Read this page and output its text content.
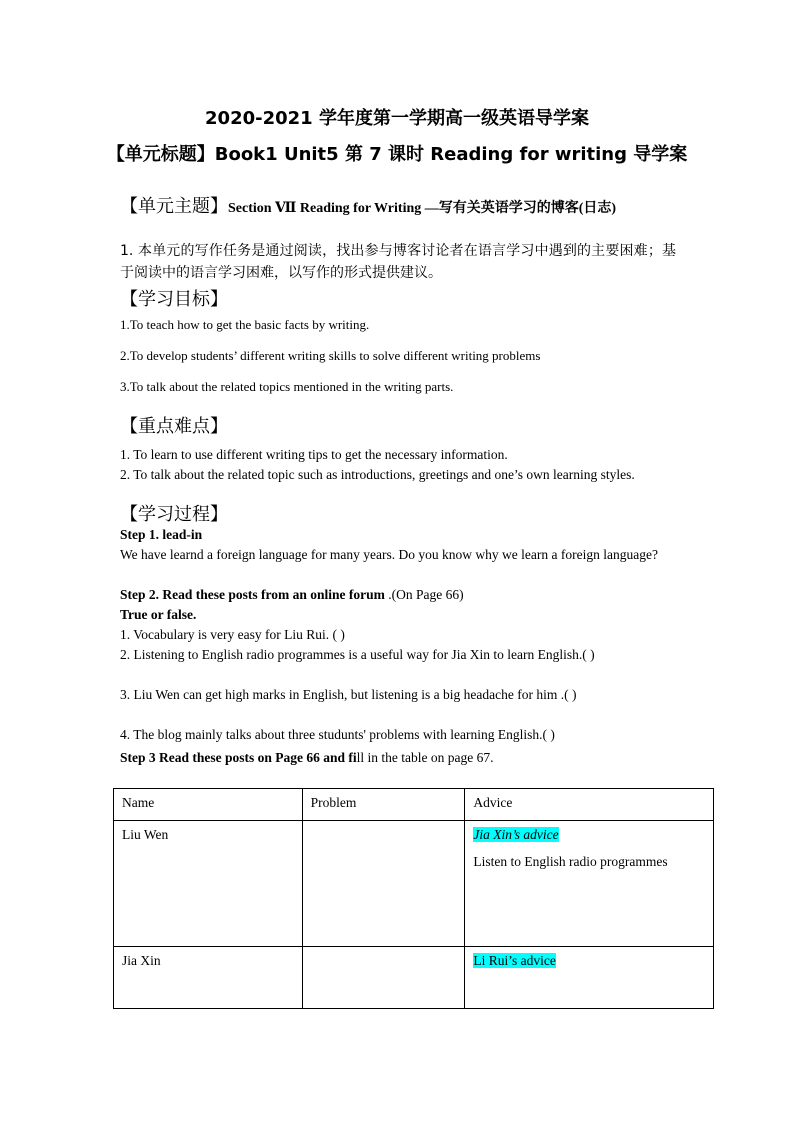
2020-2021 学年度第一学期高一级英语导学案
【单元标题】Book1 Unit5 第 7 课时 Reading for writing 导学案
【单元主题】Section Ⅶ Reading for Writing —写有关英语学习的博客(日志)
1. 本单元的写作任务是通过阅读，找出参与博客讨论者在语言学习中遇到的主要困难；基于阅读中的语言学习困难，以写作的形式提供建议。
【学习目标】
1.To teach how to get the basic facts by writing.
2.To develop students’ different writing skills to solve different writing problems
3.To talk about the related topics mentioned in the writing parts.
【重点难点】
1. To learn to use different writing tips to get the necessary information.
2. To talk about the related topic such as introductions, greetings and one’s own learning styles.
【学习过程】
Step 1. lead-in
We have learnd a foreign language for many years. Do you know why we learn a foreign language?
Step 2. Read these posts from an online forum .(On Page 66)
True or false.
1. Vocabulary is very easy for Liu Rui. ( )
2. Listening to English radio programmes is a useful way for Jia Xin to learn English.( )
3. Liu Wen can get high marks in English, but listening is a big headache for him .( )
4. The blog mainly talks about three studunts' problems with learning English.( )
Step 3 Read these posts on Page 66 and fill in the table on page 67.
Name	Problem	Advice
Liu Wen		Jia Xin’s advice
Listen to English radio programmes

Jia Xin		Li Rui’s advice
